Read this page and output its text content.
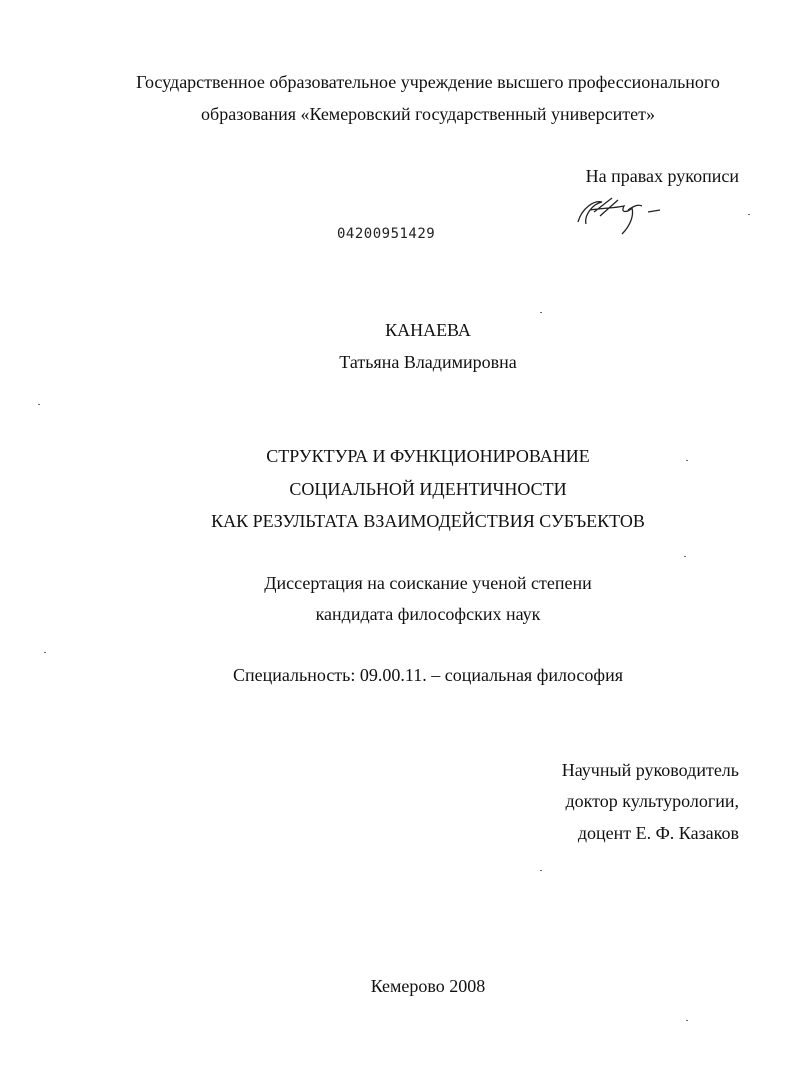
Государственное образовательное учреждение высшего профессионального
образования «Кемеровский государственный университет»
На правах рукописи
04200951429
КАНАЕВА
Татьяна Владимировна
СТРУКТУРА И ФУНКЦИОНИРОВАНИЕ
СОЦИАЛЬНОЙ ИДЕНТИЧНОСТИ
КАК РЕЗУЛЬТАТА ВЗАИМОДЕЙСТВИЯ СУБЪЕКТОВ
Диссертация на соискание ученой степени
кандидата философских наук
Специальность: 09.00.11. – социальная философия
Научный руководитель
доктор культурологии,
доцент Е. Ф. Казаков
Кемерово 2008
